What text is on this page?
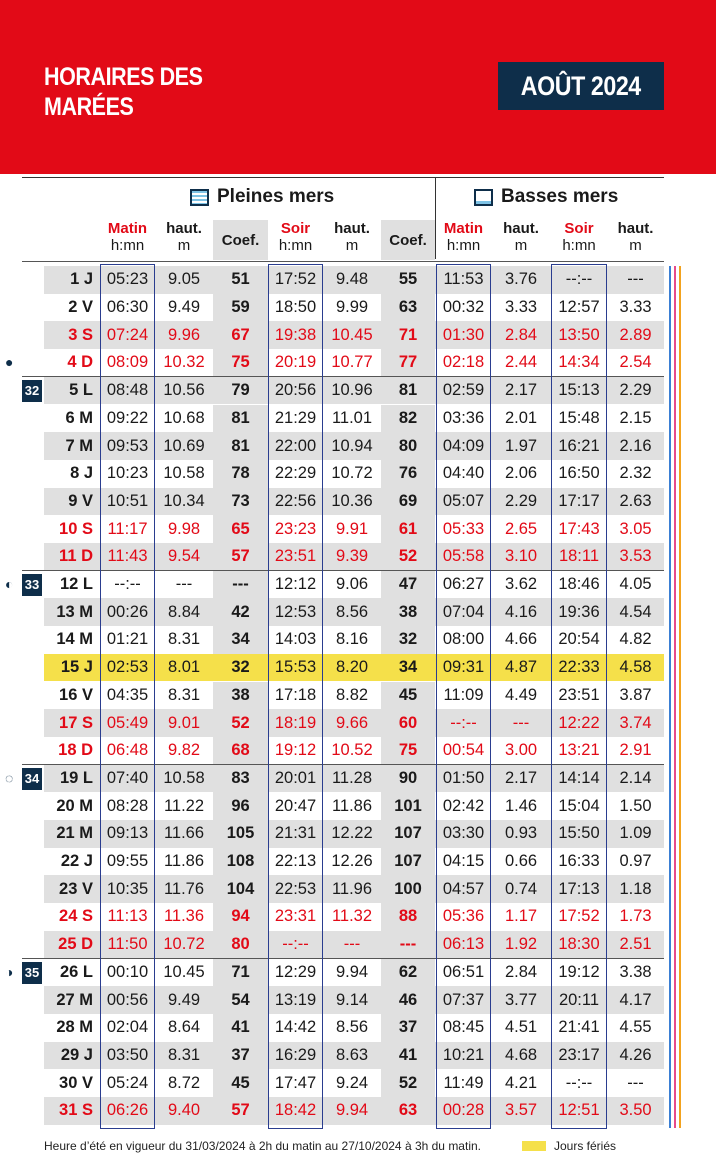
HORAIRES DES
MARÉES
AOÛT 2024
Pleines mers	Basses mers
Matin
h:mn
haut.
m	Coef.
Soir
h:mn
haut.
m	Coef.
Matin
h:mn
haut.
m
Soir
h:mn
haut.
m
1 J 05:23	9.05	51	17:52	9.48	55	11:53	3.76	--:--	---
2 V 06:30	9.49	59	18:50	9.99	63	00:32	3.33	12:57	3.33
3 S 07:24	9.96	67	19:38 10.45	71	01:30	2.84	13:50	2.89
●	4 D 08:09 10.32	75	20:19 10.77	77	02:18	2.44	14:34	2.54
32	5 L 08:48 10.56	79	20:56 10.96	81	02:59	2.17	15:13	2.29
6 M 09:22 10.68	81	21:29 11.01	82	03:36	2.01	15:48	2.15
7 M 09:53 10.69	81	22:00 10.94	80	04:09	1.97	16:21	2.16
8 J 10:23 10.58	78	22:29 10.72	76	04:40	2.06	16:50	2.32
9 V 10:51 10.34	73	22:56 10.36	69	05:07	2.29	17:17	2.63
10 S 11:17	9.98	65	23:23	9.91	61	05:33	2.65	17:43	3.05
11 D 11:43	9.54	57	23:51	9.39	52	05:58	3.10	18:11	3.53
33
◐	12 L	--:--	---	---	12:12	9.06	47	06:27	3.62	18:46	4.05
13 M 00:26	8.84	42	12:53	8.56	38	07:04	4.16	19:36	4.54
14 M 01:21	8.31	34	14:03	8.16	32	08:00	4.66	20:54	4.82
15 J 02:53	8.01	32	15:53	8.20	34	09:31	4.87	22:33	4.58
16 V 04:35	8.31	38	17:18	8.82	45	11:09	4.49	23:51	3.87
17 S 05:49	9.01	52	18:19	9.66	60	--:--	---	12:22	3.74
18 D 06:48	9.82	68	19:12 10.52	75	00:54	3.00	13:21	2.91
34
◌	19 L 07:40 10.58	83	20:01 11.28	90	01:50	2.17	14:14	2.14
20 M 08:28 11.22	96	20:47 11.86	101	02:42	1.46	15:04	1.50
21 M 09:13 11.66	105	21:31 12.22	107	03:30	0.93	15:50	1.09
22 J 09:55 11.86	108	22:13 12.26	107	04:15	0.66	16:33	0.97
23 V 10:35 11.76	104	22:53 11.96	100	04:57	0.74	17:13	1.18
24 S 11:13 11.36	94	23:31 11.32	88	05:36	1.17	17:52	1.73
25 D 11:50 10.72	80	--:--	---	---	06:13	1.92	18:30	2.51
35
◑	26 L 00:10 10.45	71	12:29	9.94	62	06:51	2.84	19:12	3.38
27 M 00:56	9.49	54	13:19	9.14	46	07:37	3.77	20:11	4.17
28 M 02:04	8.64	41	14:42	8.56	37	08:45	4.51	21:41	4.55
29 J 03:50	8.31	37	16:29	8.63	41	10:21	4.68	23:17	4.26
30 V 05:24	8.72	45	17:47	9.24	52	11:49	4.21	--:--	---
31 S 06:26	9.40	57	18:42	9.94	63	00:28	3.57	12:51	3.50
Heure d’été en vigueur du 31/03/2024 à 2h du matin au 27/10/2024 à 3h du matin.	Jours fériés
